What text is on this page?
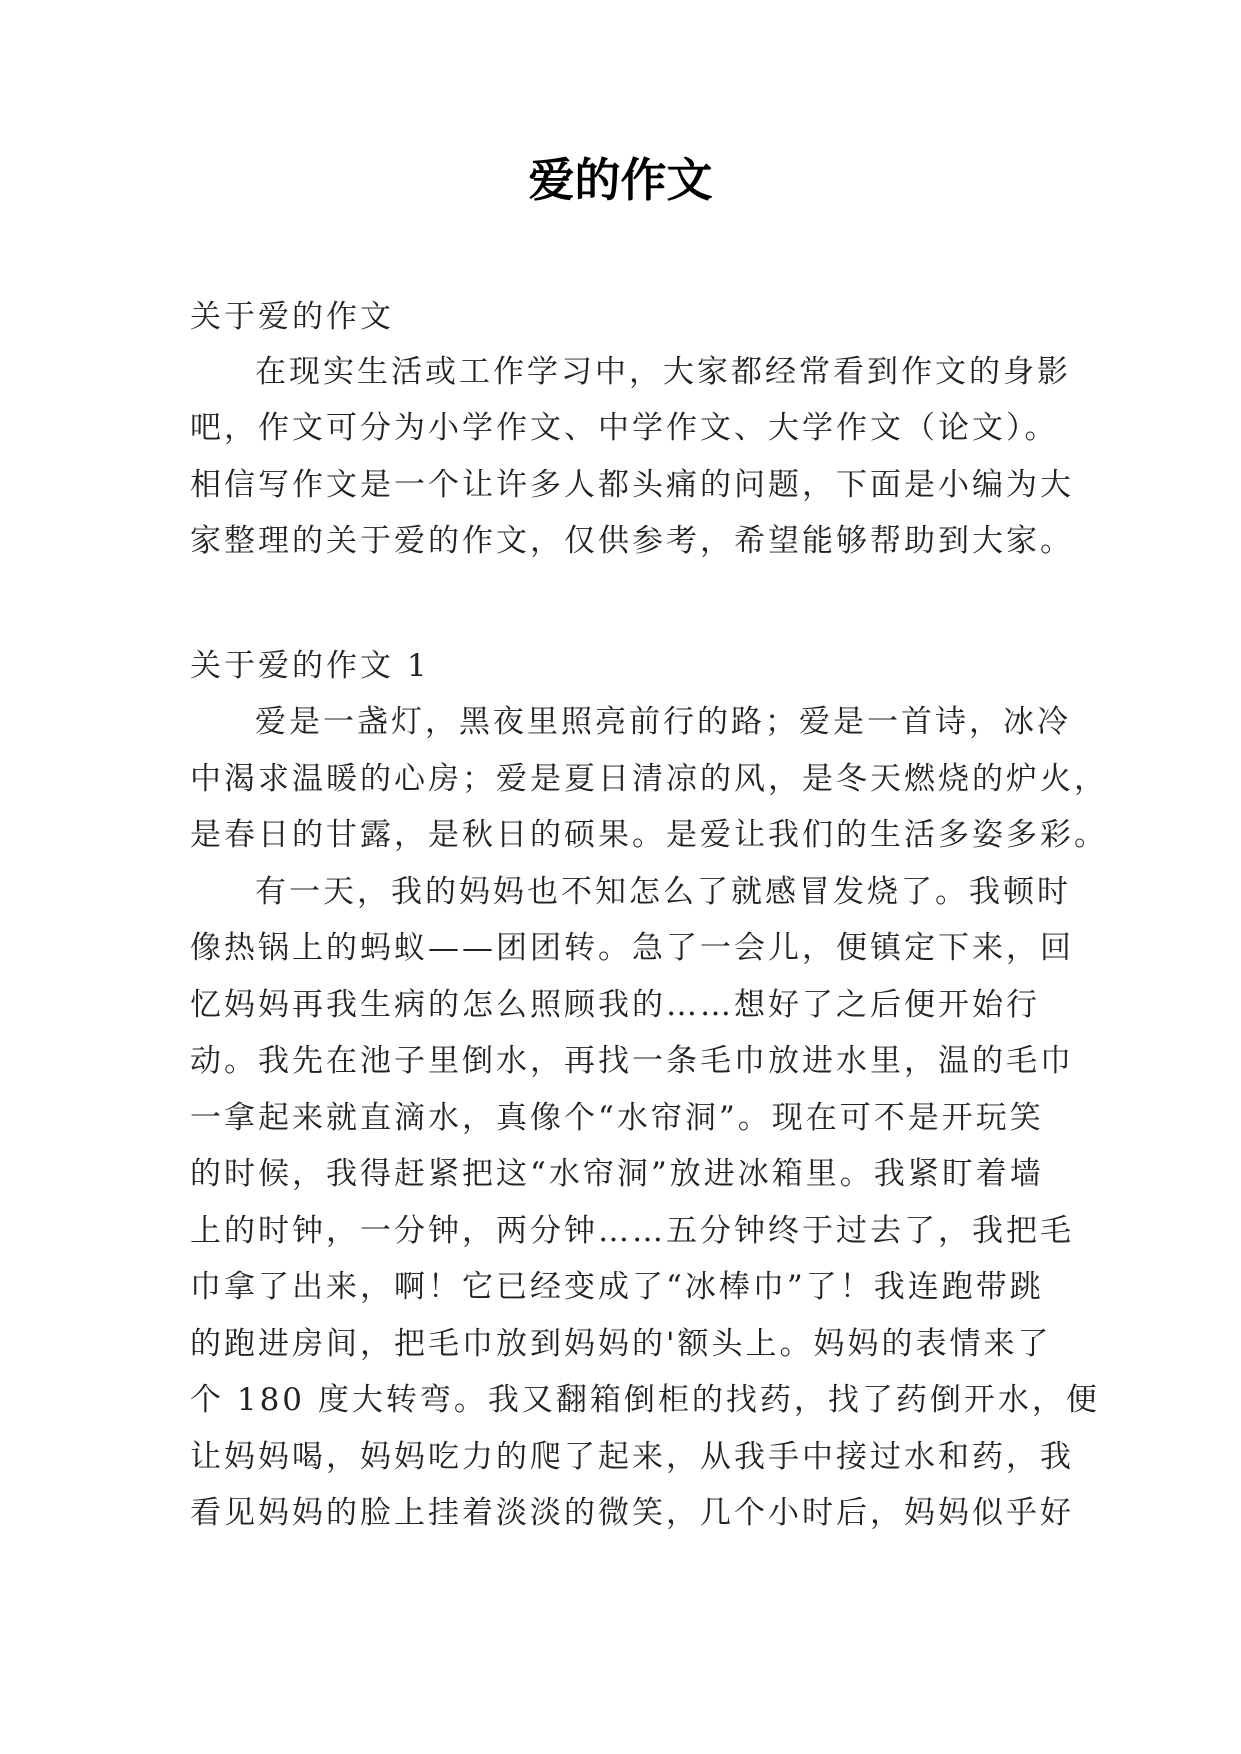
爱的作文

关于爱的作文

在现实生活或工作学习中，大家都经常看到作文的身影

吧，作文可分为小学作文、中学作文、大学作文（论文）。

相信写作文是一个让许多人都头痛的问题，下面是小编为大

家整理的关于爱的作文，仅供参考，希望能够帮助到大家。

关于爱的作文 1

爱是一盏灯，黑夜里照亮前行的路；爱是一首诗，冰冷

中渴求温暖的心房；爱是夏日清凉的风，是冬天燃烧的炉火，

是春日的甘露，是秋日的硕果。是爱让我们的生活多姿多彩。

有一天，我的妈妈也不知怎么了就感冒发烧了。我顿时

像热锅上的蚂蚁——团团转。急了一会儿，便镇定下来，回

忆妈妈再我生病的怎么照顾我的……想好了之后便开始行

动。我先在池子里倒水，再找一条毛巾放进水里，温的毛巾

一拿起来就直滴水，真像个“水帘洞”。现在可不是开玩笑

的时候，我得赶紧把这“水帘洞”放进冰箱里。我紧盯着墙

上的时钟，一分钟，两分钟……五分钟终于过去了，我把毛

巾拿了出来，啊！它已经变成了“冰棒巾”了！我连跑带跳

的跑进房间，把毛巾放到妈妈的'额头上。妈妈的表情来了

个 180 度大转弯。我又翻箱倒柜的找药，找了药倒开水，便

让妈妈喝，妈妈吃力的爬了起来，从我手中接过水和药，我

看见妈妈的脸上挂着淡淡的微笑，几个小时后，妈妈似乎好
